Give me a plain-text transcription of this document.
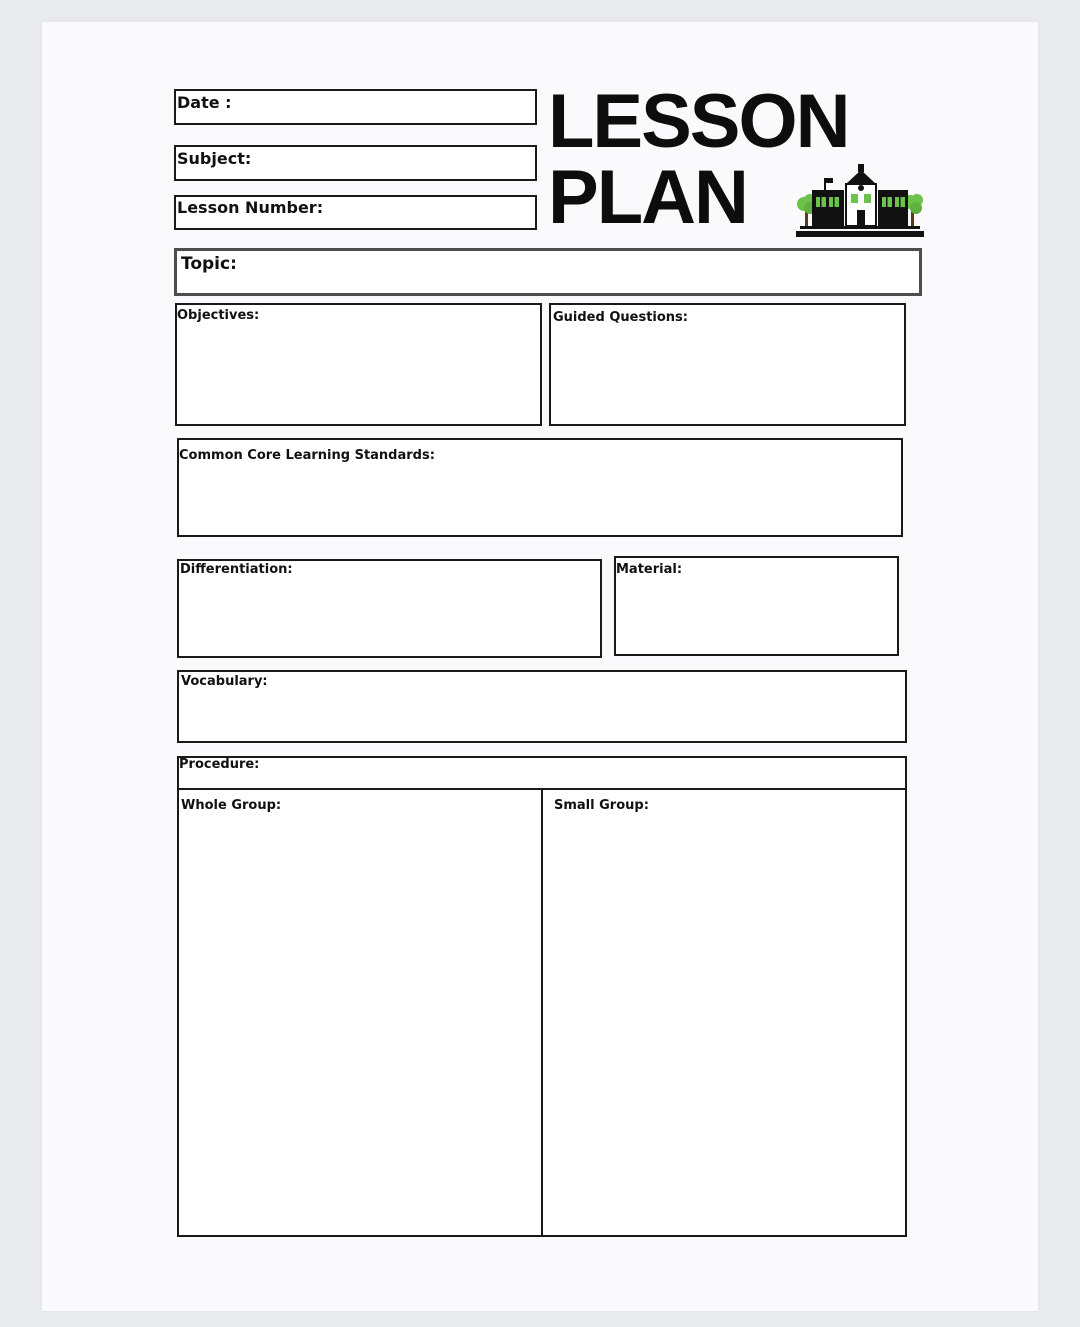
Date :
Subject:
Lesson Number:
LESSON
PLAN
Topic:
Objectives:	Guided Questions:
Common Core Learning Standards:
Differentiation:	Material:
Vocabulary:
Procedure:
Whole Group:	Small Group:
